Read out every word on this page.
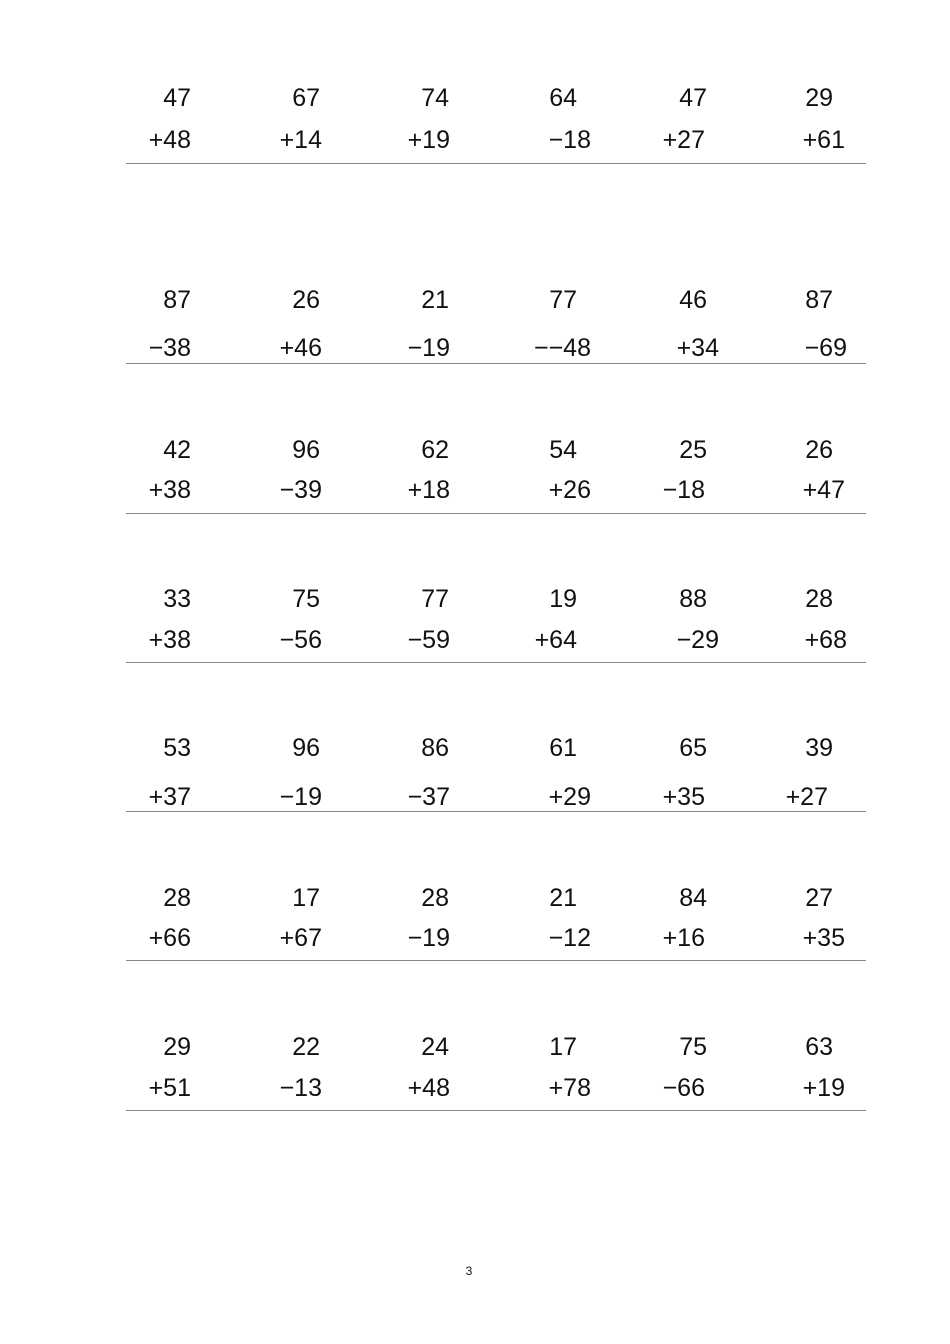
47
+48
67
+14
74
+19
64
−18
47
+27
29
+61
87
−38
26
+46
21
−19
77
−−48
46
+34
87
−69
42
+38
96
−39
62
+18
54
+26
25
−18
26
+47
33
+38
75
−56
77
−59
19
+64
88
−29
28
+68
53
+37
96
−19
86
−37
61
+29
65
+35
39
+27
28
+66
17
+67
28
−19
21
−12
84
+16
27
+35
29
+51
22
−13
24
+48
17
+78
75
−66
63
+19
3
